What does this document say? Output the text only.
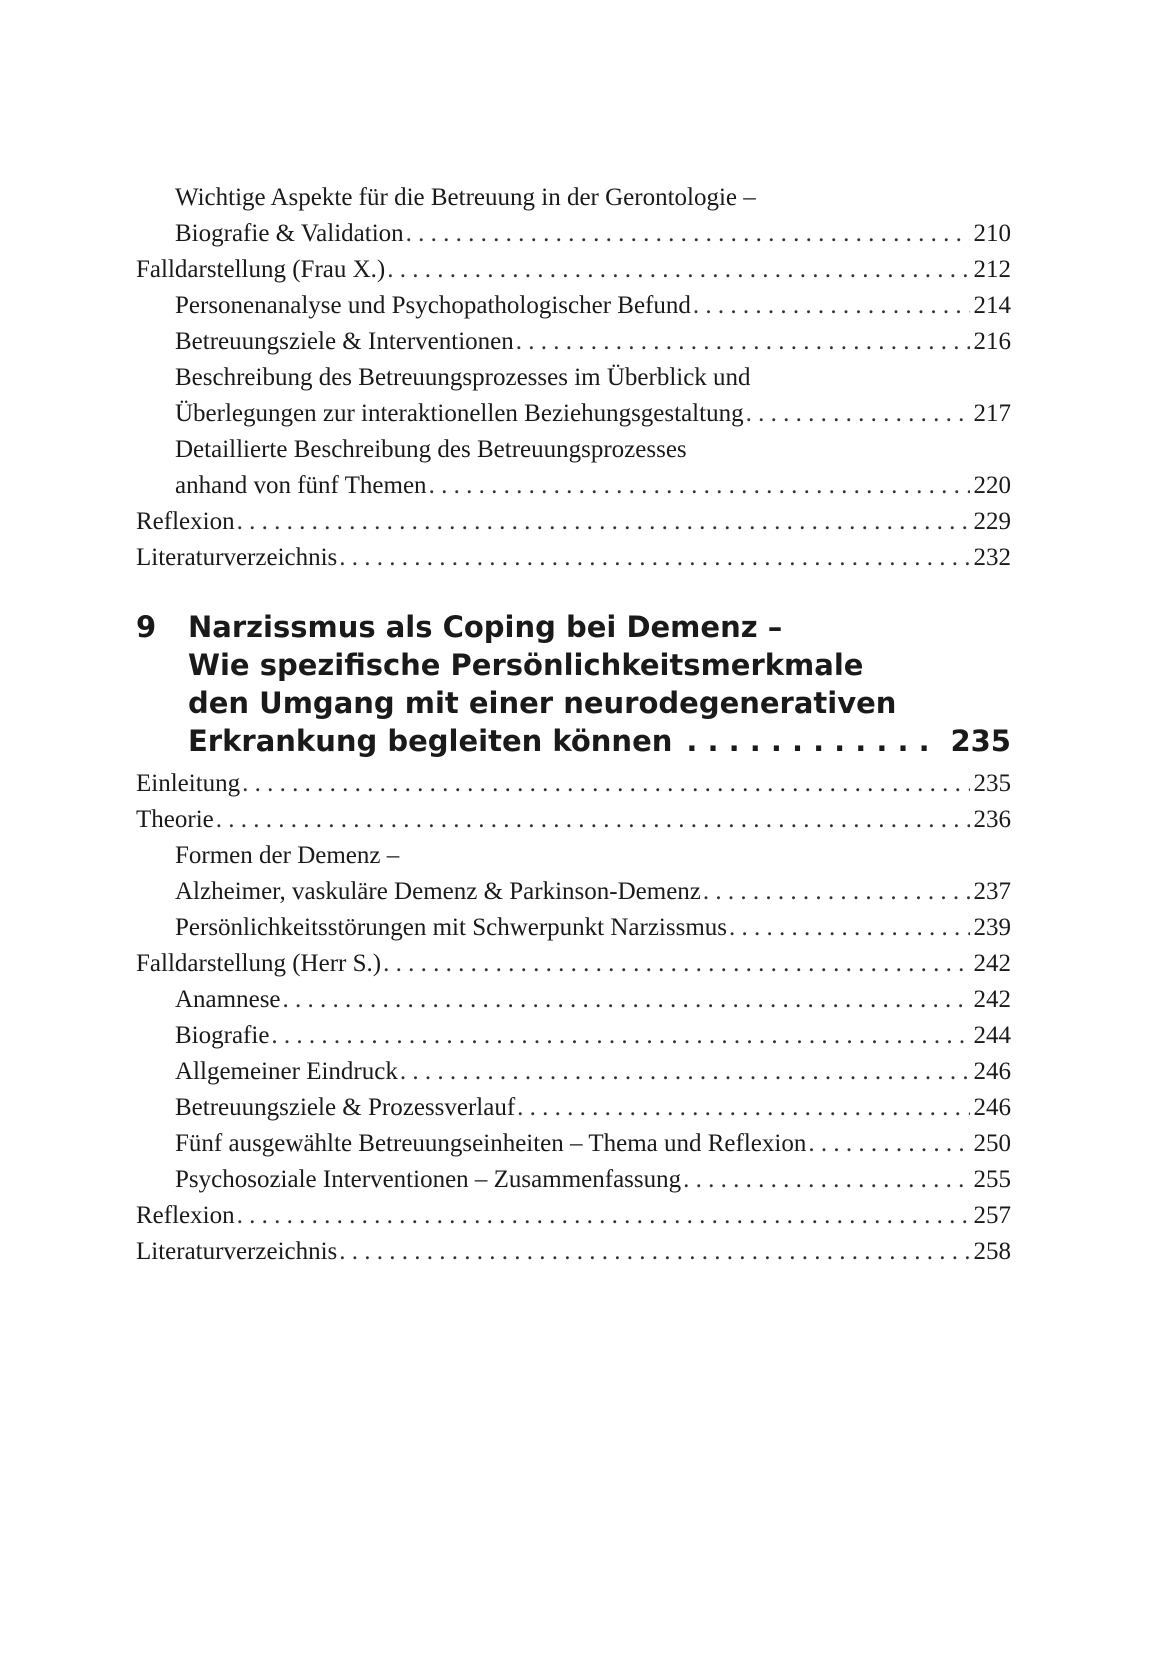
Wichtige Aspekte für die Betreuung in der Gerontologie –
Biografie & Validation . . .	210
Falldarstellung (Frau X.) . . .	212
Personenanalyse und Psychopathologischer Befund . . .	214
Betreuungsziele & Interventionen . . .	216
Beschreibung des Betreuungsprozesses im Überblick und
Überlegungen zur interaktionellen Beziehungsgestaltung . . .	217
Detaillierte Beschreibung des Betreuungsprozesses
anhand von fünf Themen . . .	220
Reflexion . . .	229
Literaturverzeichnis . . .	232
9	Narzissmus als Coping bei Demenz –
Wie spezifische Persönlichkeitsmerkmale
den Umgang mit einer neurodegenerativen
Erkrankung begleiten können . . .	235
Einleitung . . .	235
Theorie . . .	236
Formen der Demenz –
Alzheimer, vaskuläre Demenz & Parkinson-Demenz . . .	237
Persönlichkeitsstörungen mit Schwerpunkt Narzissmus . . .	239
Falldarstellung (Herr S.) . . .	242
Anamnese . . .	242
Biografie . . .	244
Allgemeiner Eindruck . . .	246
Betreuungsziele & Prozessverlauf . . .	246
Fünf ausgewählte Betreuungseinheiten – Thema und Reflexion . . .	250
Psychosoziale Interventionen – Zusammenfassung . . .	255
Reflexion . . .	257
Literaturverzeichnis . . .	258
